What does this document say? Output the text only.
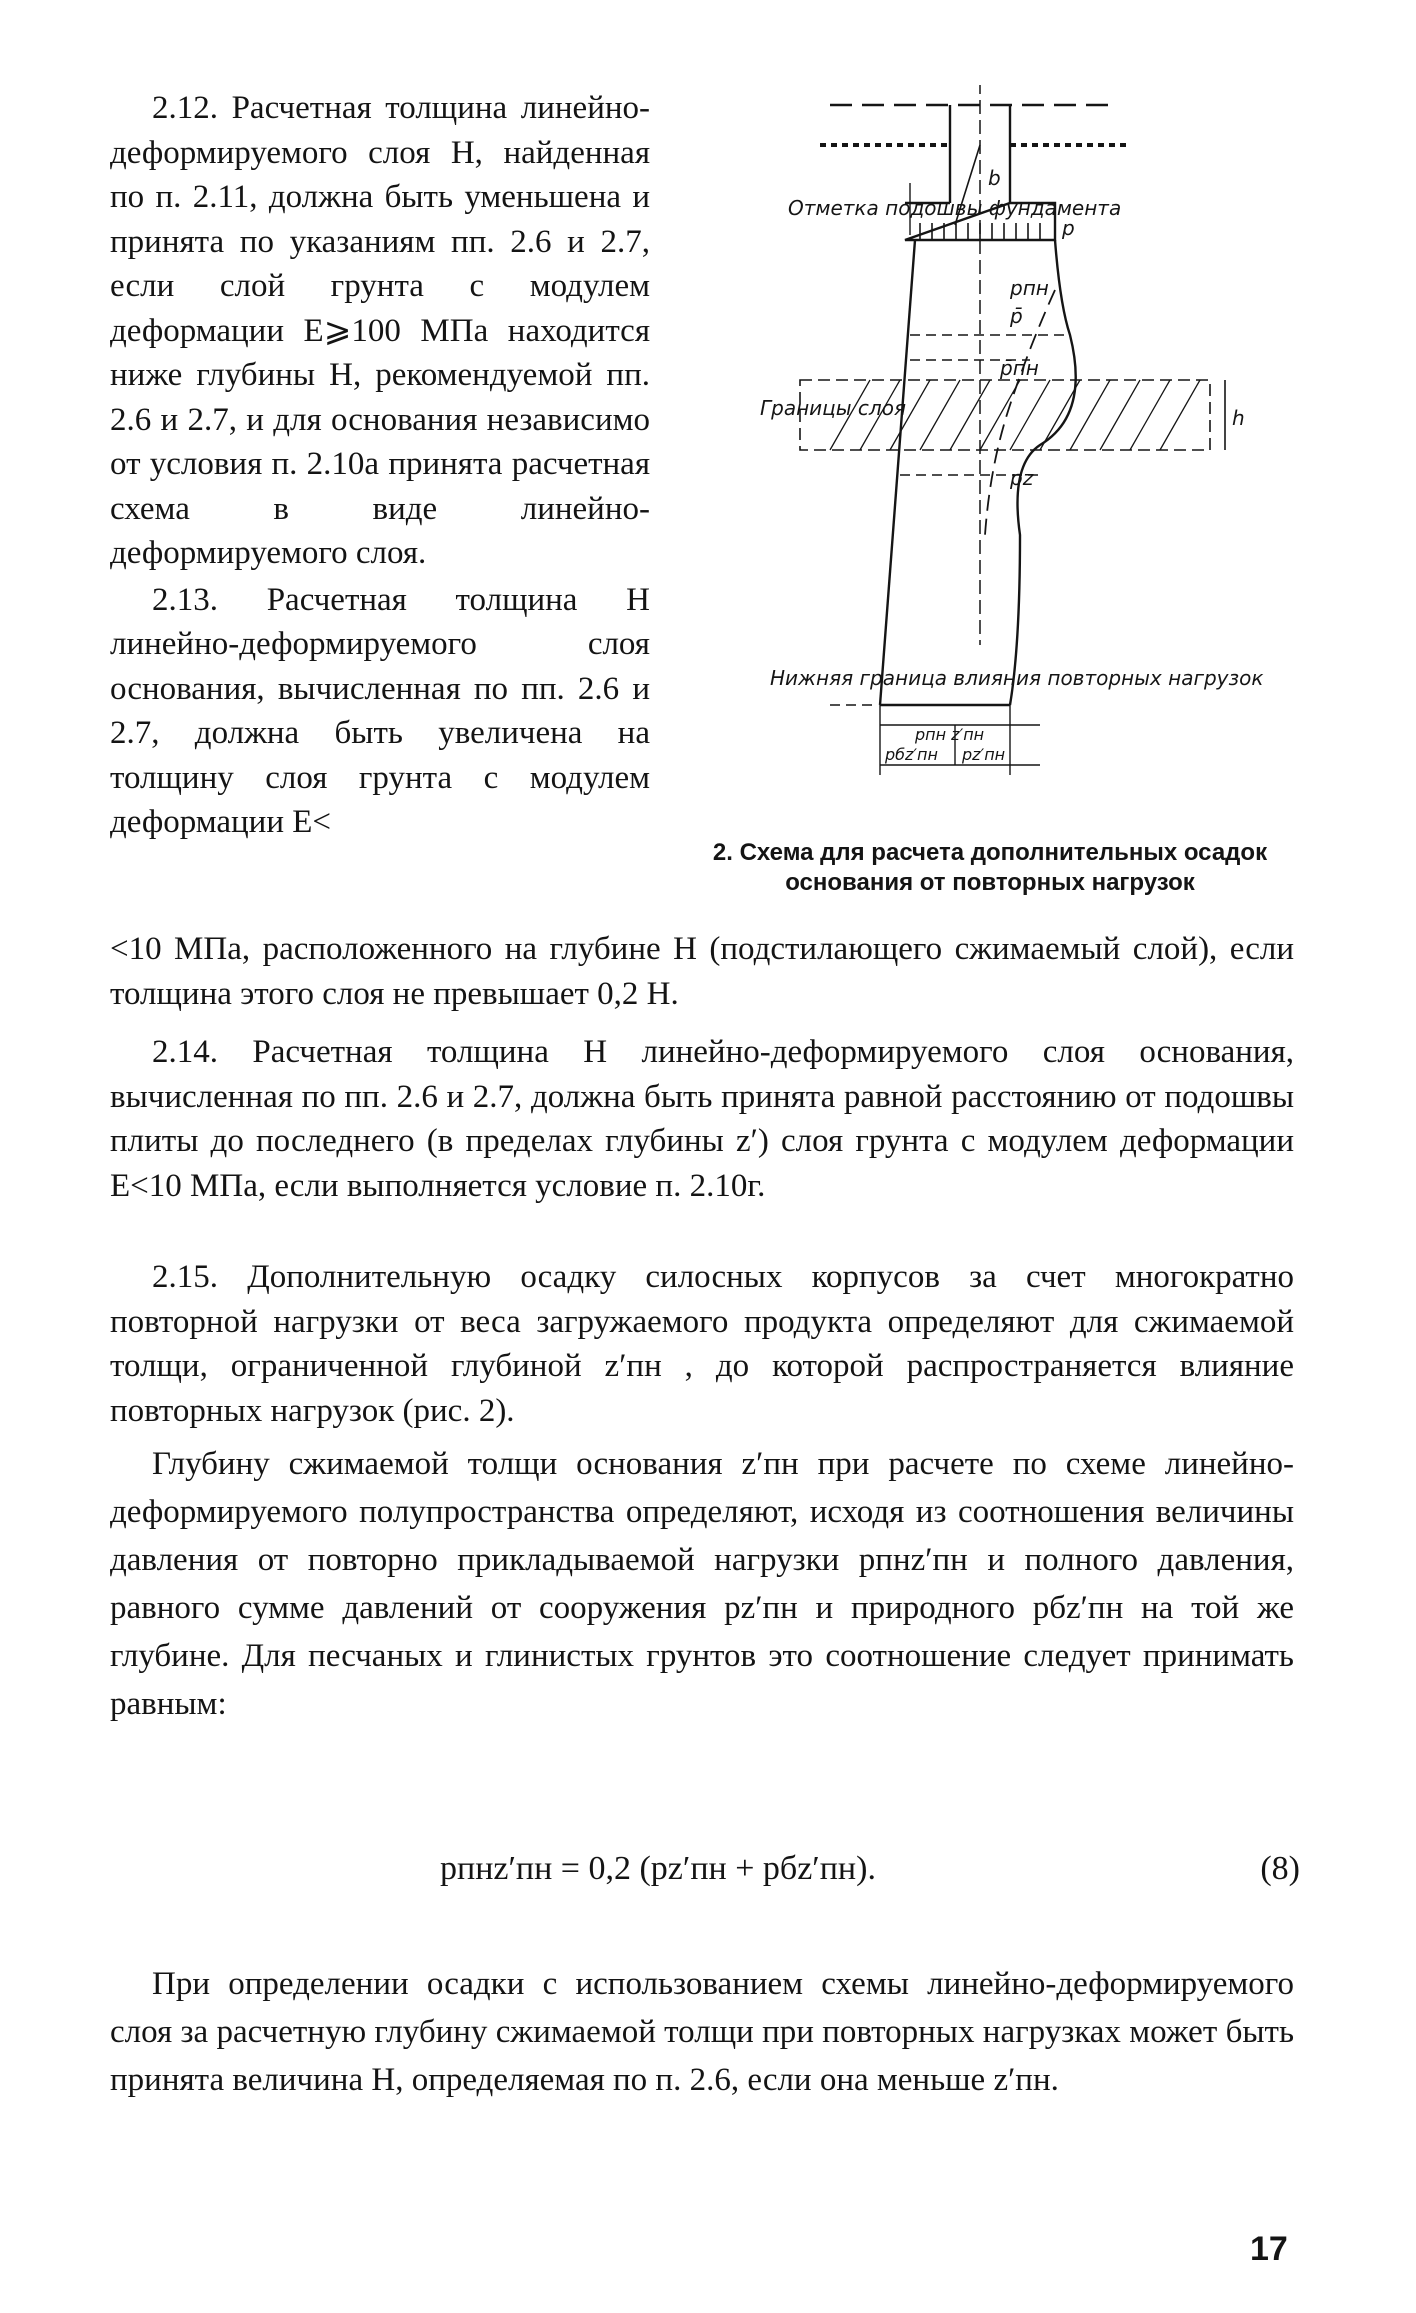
2.12. Расчетная толщина линейно-деформируемого слоя H, найденная по п. 2.11, должна быть уменьшена и принята по указаниям пп. 2.6 и 2.7, если слой грунта с модулем деформации E⩾100 МПа находится ниже глубины H, рекомендуемой пп. 2.6 и 2.7, и для основания независимо от условия п. 2.10а принята расчетная схема в виде линейно-деформируемого слоя.

2.13. Расчетная толщина H линейно-деформируемого слоя основания, вычисленная по пп. 2.6 и 2.7, должна быть увеличена на толщину слоя грунта с модулем деформации E<

Отметка подошвы фундамента
Границы слоя
Нижняя граница влияния повторных нагрузок
b
p
pпн
p̄
p̄пн
pz
h
pпн z′пн
pбz′пн pz′пн
2. Схема для расчета дополнительных осадок основания от повторных нагрузок
<10 МПа, расположенного на глубине H (подстилающего сжимаемый слой), если толщина этого слоя не превышает 0,2 H.
2.14. Расчетная толщина H линейно-деформируемого слоя основания, вычисленная по пп. 2.6 и 2.7, должна быть принята равной расстоянию от подошвы плиты до последнего (в пределах глубины z′) слоя грунта с модулем деформации E<10 МПа, если выполняется условие п. 2.10г.
2.15. Дополнительную осадку силосных корпусов за счет многократно повторной нагрузки от веса загружаемого продукта определяют для сжимаемой толщи, ограниченной глубиной z′пн , до которой распространяется влияние повторных нагрузок (рис. 2).
Глубину сжимаемой толщи основания z′пн при расчете по схеме линейно-деформируемого полупространства определяют, исходя из соотношения величины давления от повторно прикладываемой нагрузки pпнz′пн и полного давления, равного сумме давлений от сооружения pz′пн и природного pбz′пн на той же глубине. Для песчаных и глинистых грунтов это соотношение следует принимать равным:
pпнz′пн = 0,2 (pz′пн + pбz′пн).	(8)
При определении осадки с использованием схемы линейно-деформируемого слоя за расчетную глубину сжимаемой толщи при повторных нагрузках может быть принята величина H, определяемая по п. 2.6, если она меньше z′пн.
17
